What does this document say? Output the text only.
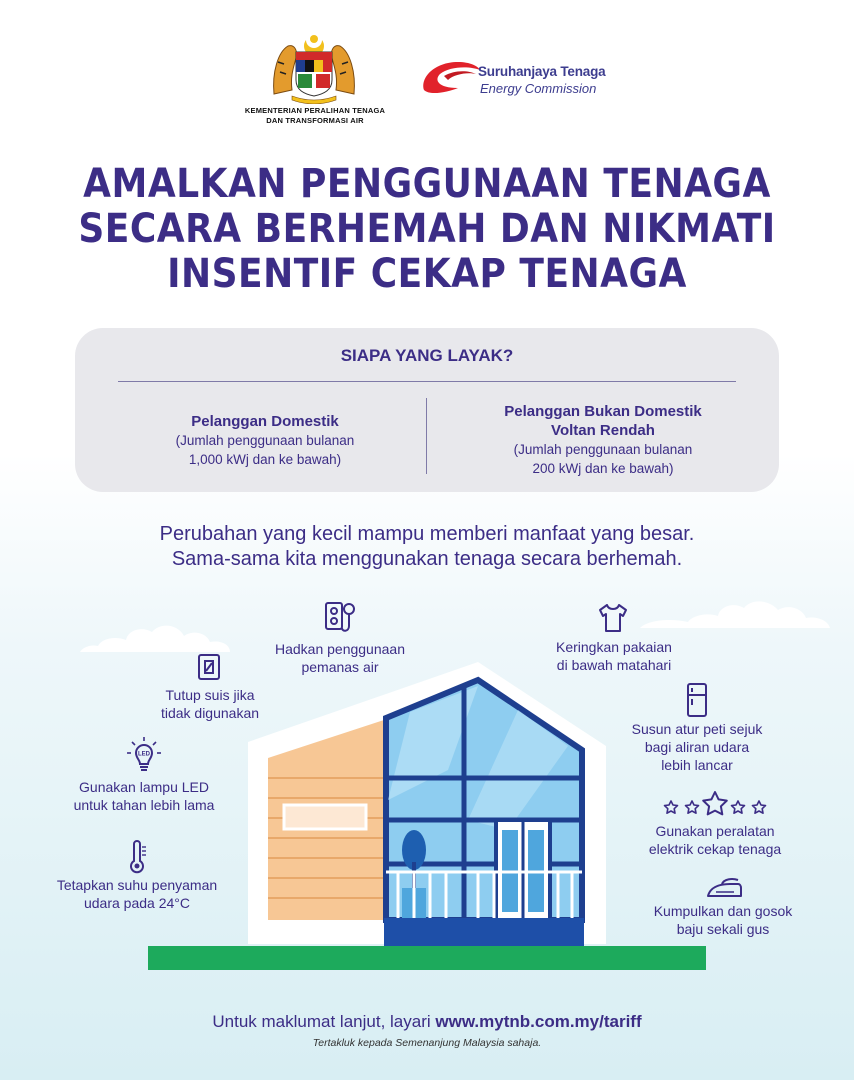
KEMENTERIAN PERALIHAN TENAGA
DAN TRANSFORMASI AIR
Suruhanjaya Tenaga
Energy Commission
AMALKAN PENGGUNAAN TENAGA
SECARA BERHEMAH DAN NIKMATI
INSENTIF CEKAP TENAGA
SIAPA YANG LAYAK?
Pelanggan Domestik
(Jumlah penggunaan bulanan
1,000 kWj dan ke bawah)
Pelanggan Bukan Domestik
Voltan Rendah
(Jumlah penggunaan bulanan
200 kWj dan ke bawah)
Perubahan yang kecil mampu memberi manfaat yang besar.
Sama-sama kita menggunakan tenaga secara berhemah.
Hadkan penggunaan
pemanas air
Keringkan pakaian
di bawah matahari
Tutup suis jika
tidak digunakan
Susun atur peti sejuk
bagi aliran udara
lebih lancar
LED
Gunakan lampu LED
untuk tahan lebih lama
Gunakan peralatan
elektrik cekap tenaga
Tetapkan suhu penyaman
udara pada 24°C	Kumpulkan dan gosok
baju sekali gus
Untuk maklumat lanjut, layari www.mytnb.com.my/tariff
Tertakluk kepada Semenanjung Malaysia sahaja.
